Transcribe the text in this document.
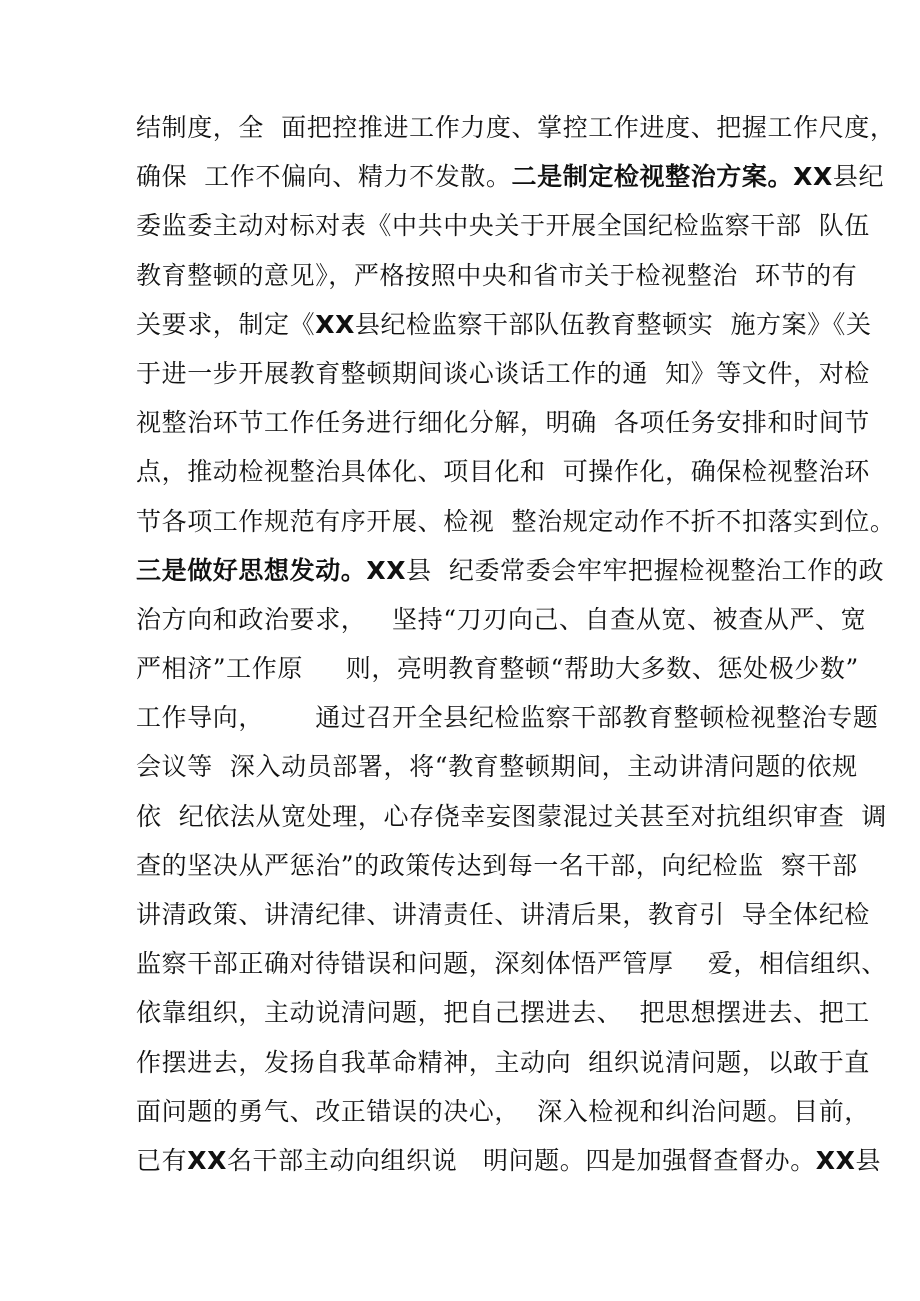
结制度，全  面把控推进工作力度、掌控工作进度、把握工作尺度，
确保  工作不偏向、精力不发散。二是制定检视整治方案。XX县纪
委监委主动对标对表《中共中央关于开展全国纪检监察干部  队伍
教育整顿的意见》，严格按照中央和省市关于检视整治  环节的有
关要求，制定《XX县纪检监察干部队伍教育整顿实  施方案》《关
于进一步开展教育整顿期间谈心谈话工作的通  知》等文件，对检
视整治环节工作任务进行细化分解，明确  各项任务安排和时间节
点，推动检视整治具体化、项目化和  可操作化，确保检视整治环
节各项工作规范有序开展、检视  整治规定动作不折不扣落实到位。
三是做好思想发动。XX县  纪委常委会牢牢把握检视整治工作的政
治方向和政治要求，   坚持“刀刃向己、自查从宽、被查从严、宽
严相济”工作原     则，亮明教育整顿“帮助大多数、惩处极少数”
工作导向，      通过召开全县纪检监察干部教育整顿检视整治专题
会议等  深入动员部署，将“教育整顿期间，主动讲清问题的依规
依  纪依法从宽处理，心存侥幸妄图蒙混过关甚至对抗组织审查  调
查的坚决从严惩治”的政策传达到每一名干部，向纪检监  察干部
讲清政策、讲清纪律、讲清责任、讲清后果，教育引  导全体纪检
监察干部正确对待错误和问题，深刻体悟严管厚    爱，相信组织、
依靠组织，主动说清问题，把自己摆进去、  把思想摆进去、把工
作摆进去，发扬自我革命精神，主动向  组织说清问题，以敢于直
面问题的勇气、改正错误的决心，  深入检视和纠治问题。目前，
已有XX名干部主动向组织说   明问题。四是加强督查督办。XX县
